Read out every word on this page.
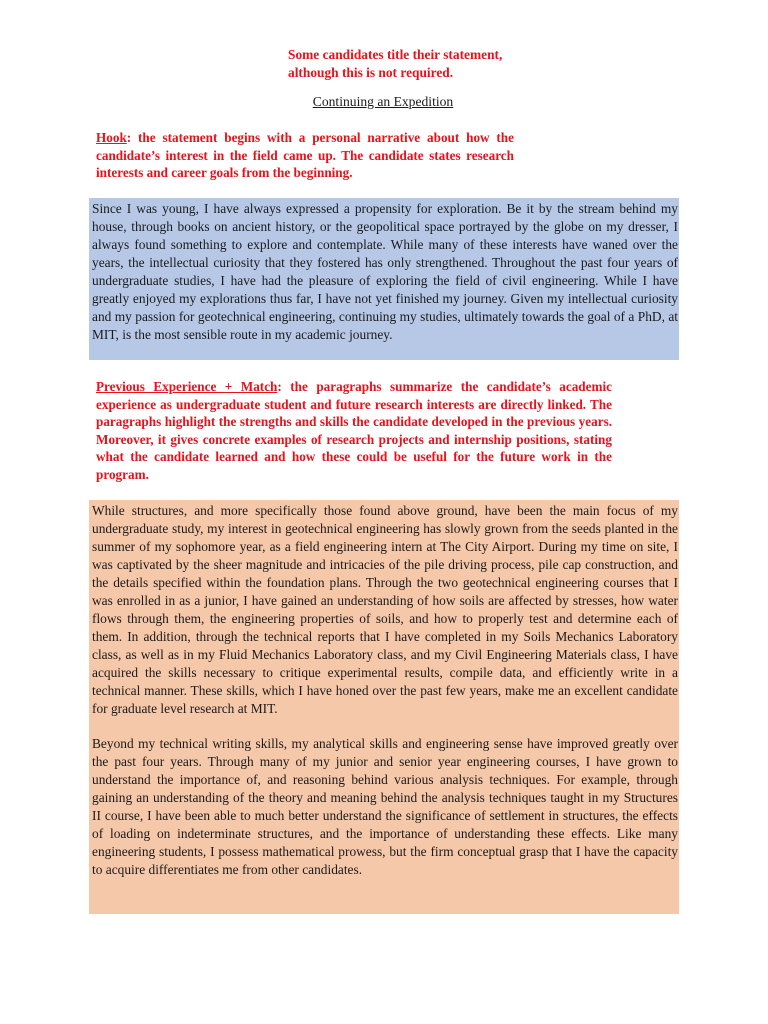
Some candidates title their statement, although this is not required.
Continuing an Expedition
Hook: the statement begins with a personal narrative about how the candidate’s interest in the field came up. The candidate states research interests and career goals from the beginning.

Since I was young, I have always expressed a propensity for exploration. Be it by the stream behind my house, through books on ancient history, or the geopolitical space portrayed by the globe on my dresser, I always found something to explore and contemplate. While many of these interests have waned over the years, the intellectual curiosity that they fostered has only strengthened. Throughout the past four years of undergraduate studies, I have had the pleasure of exploring the field of civil engineering. While I have greatly enjoyed my explorations thus far, I have not yet finished my journey. Given my intellectual curiosity and my passion for geotechnical engineering, continuing my studies, ultimately towards the goal of a PhD, at MIT, is the most sensible route in my academic journey.

Previous Experience + Match: the paragraphs summarize the candidate’s academic experience as undergraduate student and future research interests are directly linked. The paragraphs highlight the strengths and skills the candidate developed in the previous years. Moreover, it gives concrete examples of research projects and internship positions, stating what the candidate learned and how these could be useful for the future work in the program.

While structures, and more specifically those found above ground, have been the main focus of my undergraduate study, my interest in geotechnical engineering has slowly grown from the seeds planted in the summer of my sophomore year, as a field engineering intern at The City Airport. During my time on site, I was captivated by the sheer magnitude and intricacies of the pile driving process, pile cap construction, and the details specified within the foundation plans. Through the two geotechnical engineering courses that I was enrolled in as a junior, I have gained an understanding of how soils are affected by stresses, how water flows through them, the engineering properties of soils, and how to properly test and determine each of them. In addition, through the technical reports that I have completed in my Soils Mechanics Laboratory class, as well as in my Fluid Mechanics Laboratory class, and my Civil Engineering Materials class, I have acquired the skills necessary to critique experimental results, compile data, and efficiently write in a technical manner. These skills, which I have honed over the past few years, make me an excellent candidate for graduate level research at MIT.

Beyond my technical writing skills, my analytical skills and engineering sense have improved greatly over the past four years. Through many of my junior and senior year engineering courses, I have grown to understand the importance of, and reasoning behind various analysis techniques. For example, through gaining an understanding of the theory and meaning behind the analysis techniques taught in my Structures II course, I have been able to much better understand the significance of settlement in structures, the effects of loading on indeterminate structures, and the importance of understanding these effects. Like many engineering students, I possess mathematical prowess, but the firm conceptual grasp that I have the capacity to acquire differentiates me from other candidates.
